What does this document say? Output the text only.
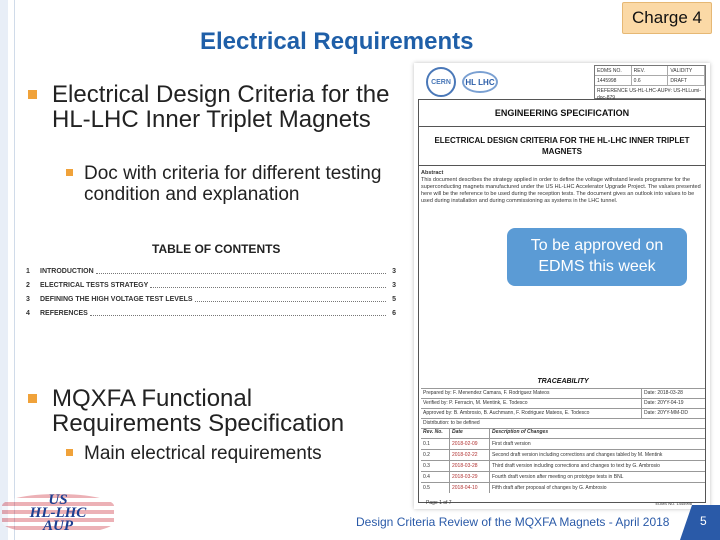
Electrical Requirements
Charge 4
Electrical Design Criteria for the HL-LHC Inner Triplet Magnets
Doc with criteria for different testing condition and explanation
TABLE OF CONTENTS
1	INTRODUCTION	3
2	ELECTRICAL TESTS STRATEGY	3
3	DEFINING THE HIGH VOLTAGE TEST LEVELS	5
4	REFERENCES	6
CERN	HL LHC
EDMS NO.	REV.	VALIDITY
1445998	0.6	DRAFT
REFERENCE US-HL-LHC-AUP#: US-HLLumi-doc-879
ENGINEERING SPECIFICATION
ELECTRICAL DESIGN CRITERIA FOR THE HL-LHC INNER TRIPLET MAGNETS
Abstract
This document describes the strategy applied in order to define the voltage withstand levels programme for the superconducting magnets manufactured under the US HL-LHC Accelerator Upgrade Project. The values presented here will be the reference to be used during the reception tests. The document gives an outlook into values to be used during installation and during commissioning as systems in the LHC tunnel.
TRACEABILITY
Prepared by: F. Menendez Camara, F. Rodriguez Mateos	Date: 2018-03-28
Verified by: P. Ferracin, M. Mentink, E. Todesco	Date: 20YY-04-19
Approved by: B. Ambrosio, B. Auchmann, F. Rodriguez Mateos, E. Todesco	Date: 20YY-MM-DD
Distribution: to be defined
Rev. No.	Date	Description of Changes
0.1	2018-02-09	First draft version
0.2	2018-02-22	Second draft version including corrections and changes tabled by M. Mentink
0.3	2018-03-28	Third draft version including corrections and changes to text by G. Ambrosio
0.4	2018-03-29	Fourth draft version after meeting on prototype tests in BNL
0.5	2018-04-10	Fifth draft after proposal of changes by G. Ambrosio
Page 1 of 7	EDMS NO. 1445998
To be approved on EDMS this week
MQXFA Functional Requirements Specification
Main electrical requirements
US
HL-LHC
AUP	Design Criteria Review of the MQXFA Magnets - April 2018	5
